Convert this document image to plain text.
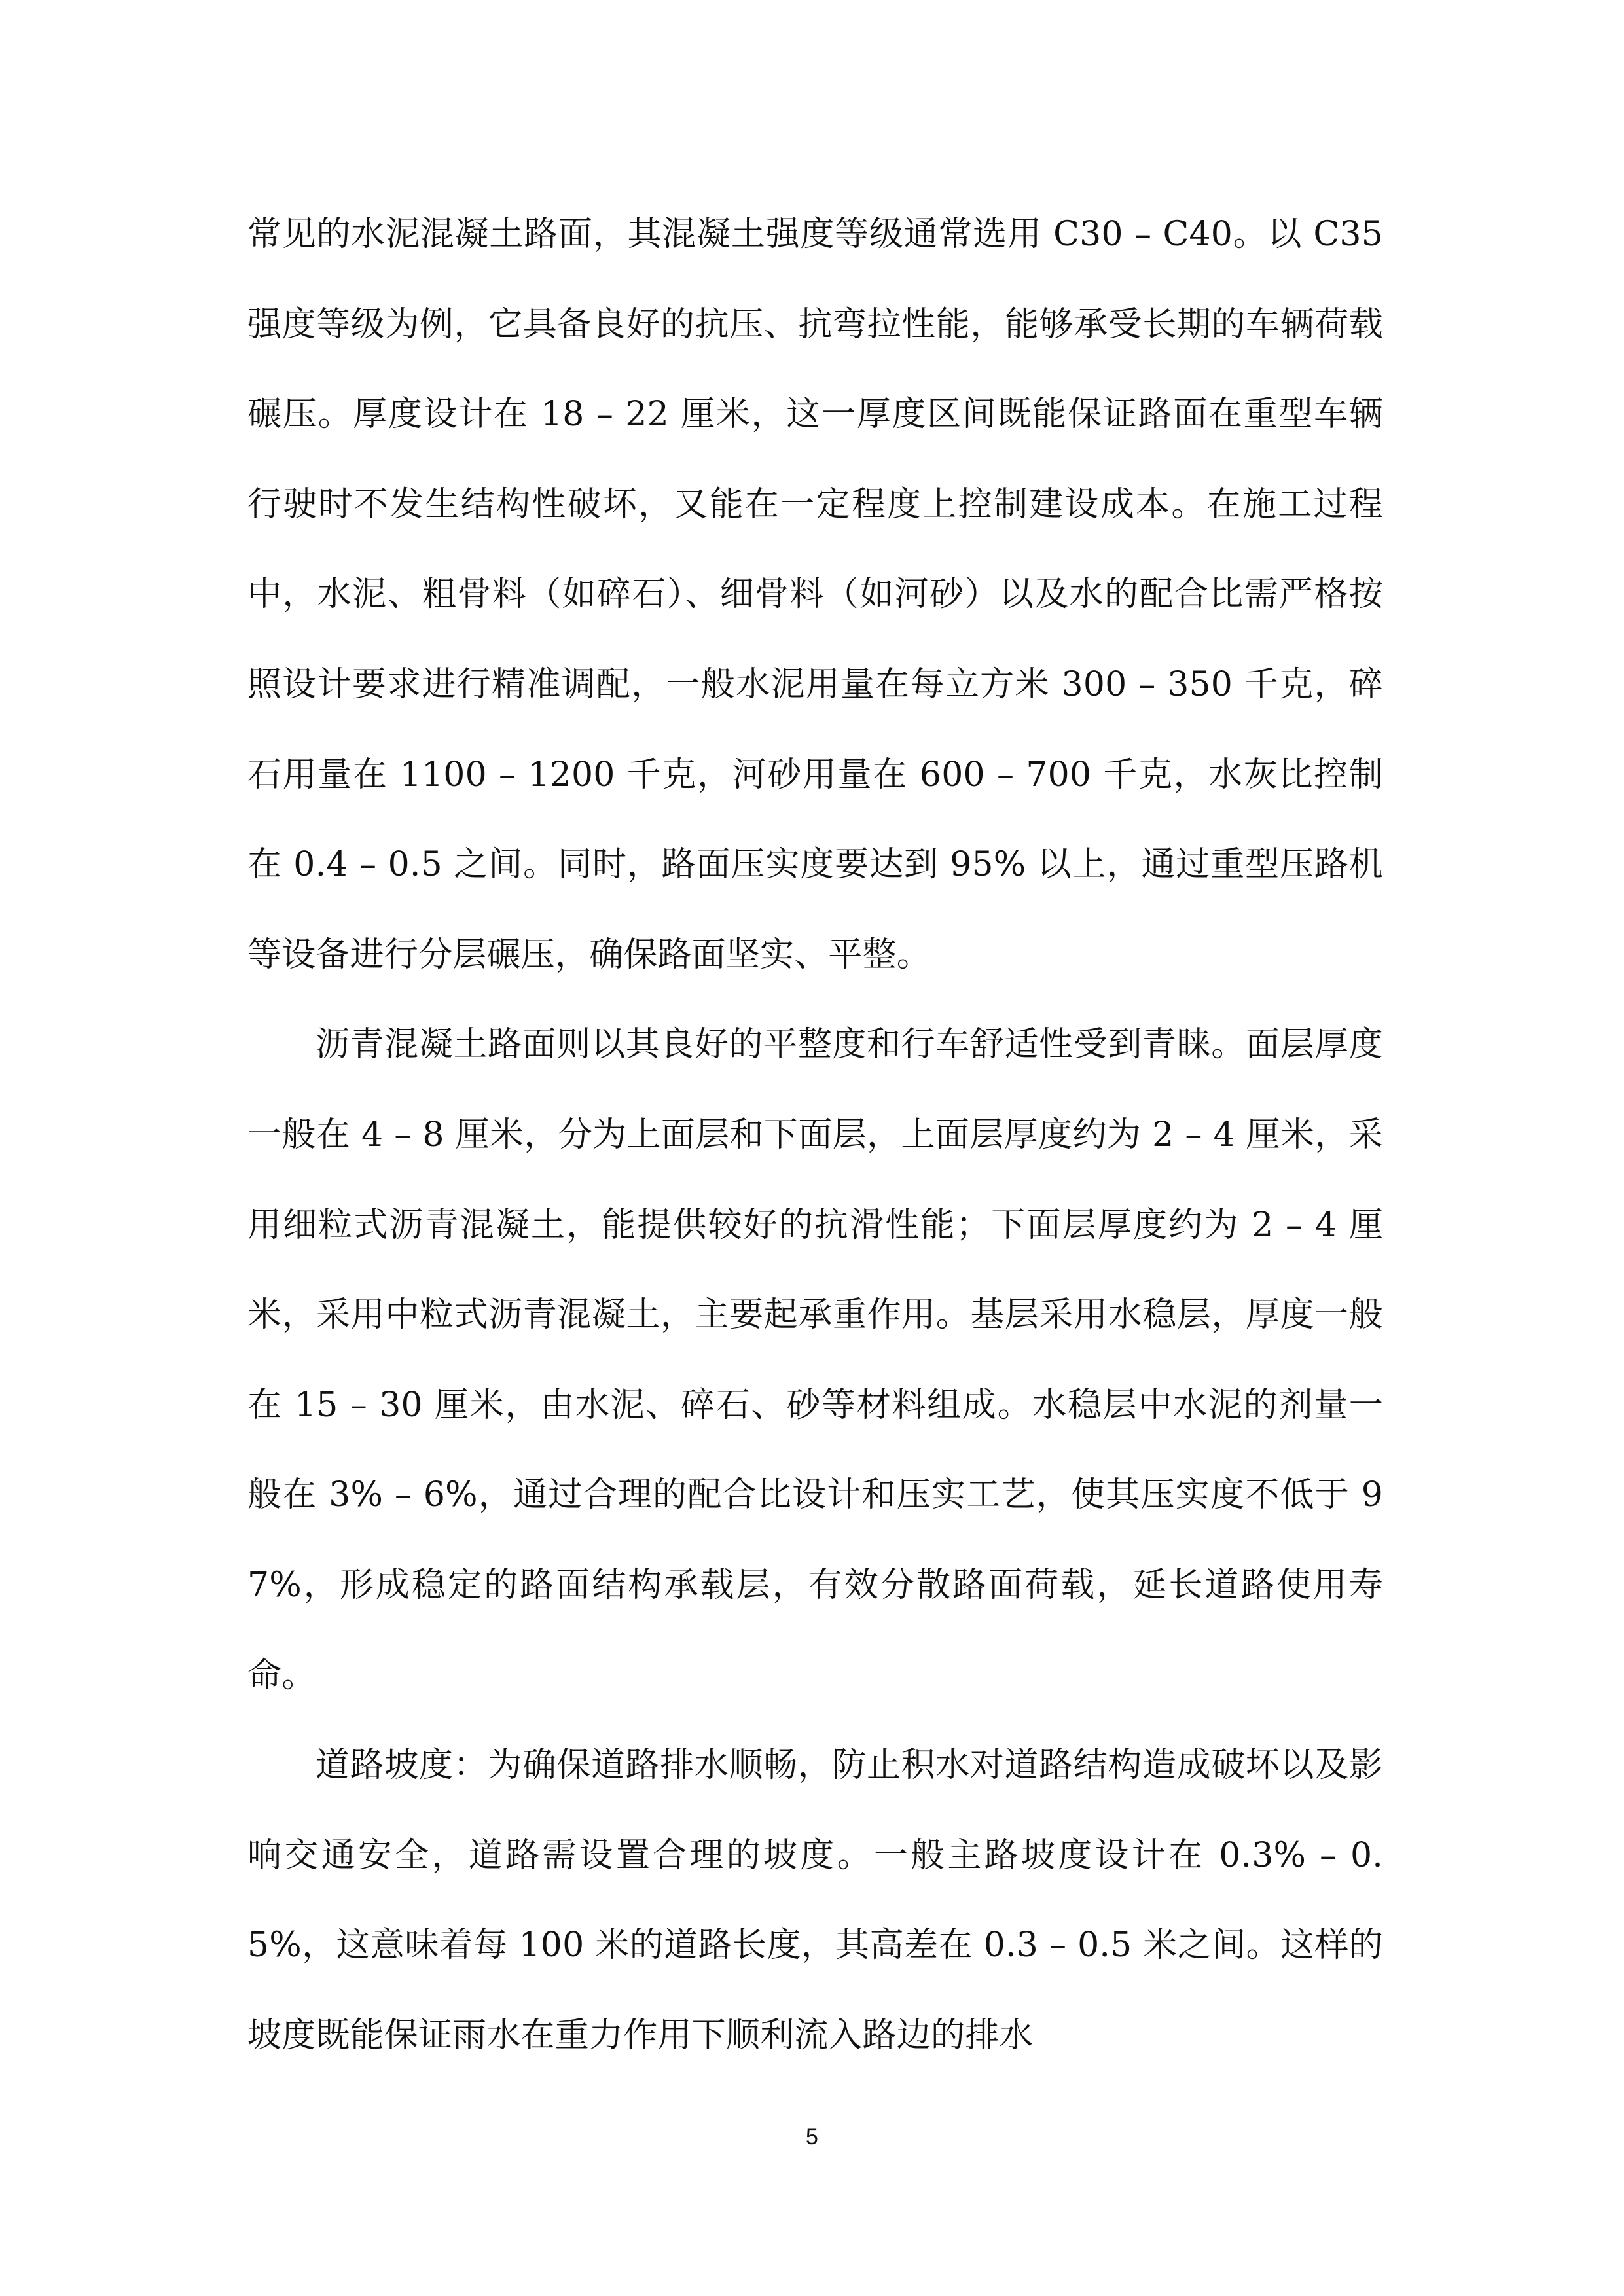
常见的水泥混凝土路面，其混凝土强度等级通常选用 C30 – C40。以 C35 强度等级为例，它具备良好的抗压、抗弯拉性能，能够承受长期的车辆荷载碾压。厚度设计在 18 – 22 厘米，这一厚度区间既能保证路面在重型车辆行驶时不发生结构性破坏，又能在一定程度上控制建设成本。在施工过程中，水泥、粗骨料（如碎石）、细骨料（如河砂）以及水的配合比需严格按照设计要求进行精准调配，一般水泥用量在每立方米 300 – 350 千克，碎石用量在 1100 – 1200 千克，河砂用量在 600 – 700 千克，水灰比控制在 0.4 – 0.5 之间。同时，路面压实度要达到 95% 以上，通过重型压路机等设备进行分层碾压，确保路面坚实、平整。

沥青混凝土路面则以其良好的平整度和行车舒适性受到青睐。面层厚度一般在 4 – 8 厘米，分为上面层和下面层，上面层厚度约为 2 – 4 厘米，采用细粒式沥青混凝土，能提供较好的抗滑性能；下面层厚度约为 2 – 4 厘米，采用中粒式沥青混凝土，主要起承重作用。基层采用水稳层，厚度一般在 15 – 30 厘米，由水泥、碎石、砂等材料组成。水稳层中水泥的剂量一般在 3% – 6%，通过合理的配合比设计和压实工艺，使其压实度不低于 97%，形成稳定的路面结构承载层，有效分散路面荷载，延长道路使用寿命。

道路坡度：为确保道路排水顺畅，防止积水对道路结构造成破坏以及影响交通安全，道路需设置合理的坡度。一般主路坡度设计在 0.3% – 0.5%，这意味着每 100 米的道路长度，其高差在 0.3 – 0.5 米之间。这样的坡度既能保证雨水在重力作用下顺利流入路边的排水

5
